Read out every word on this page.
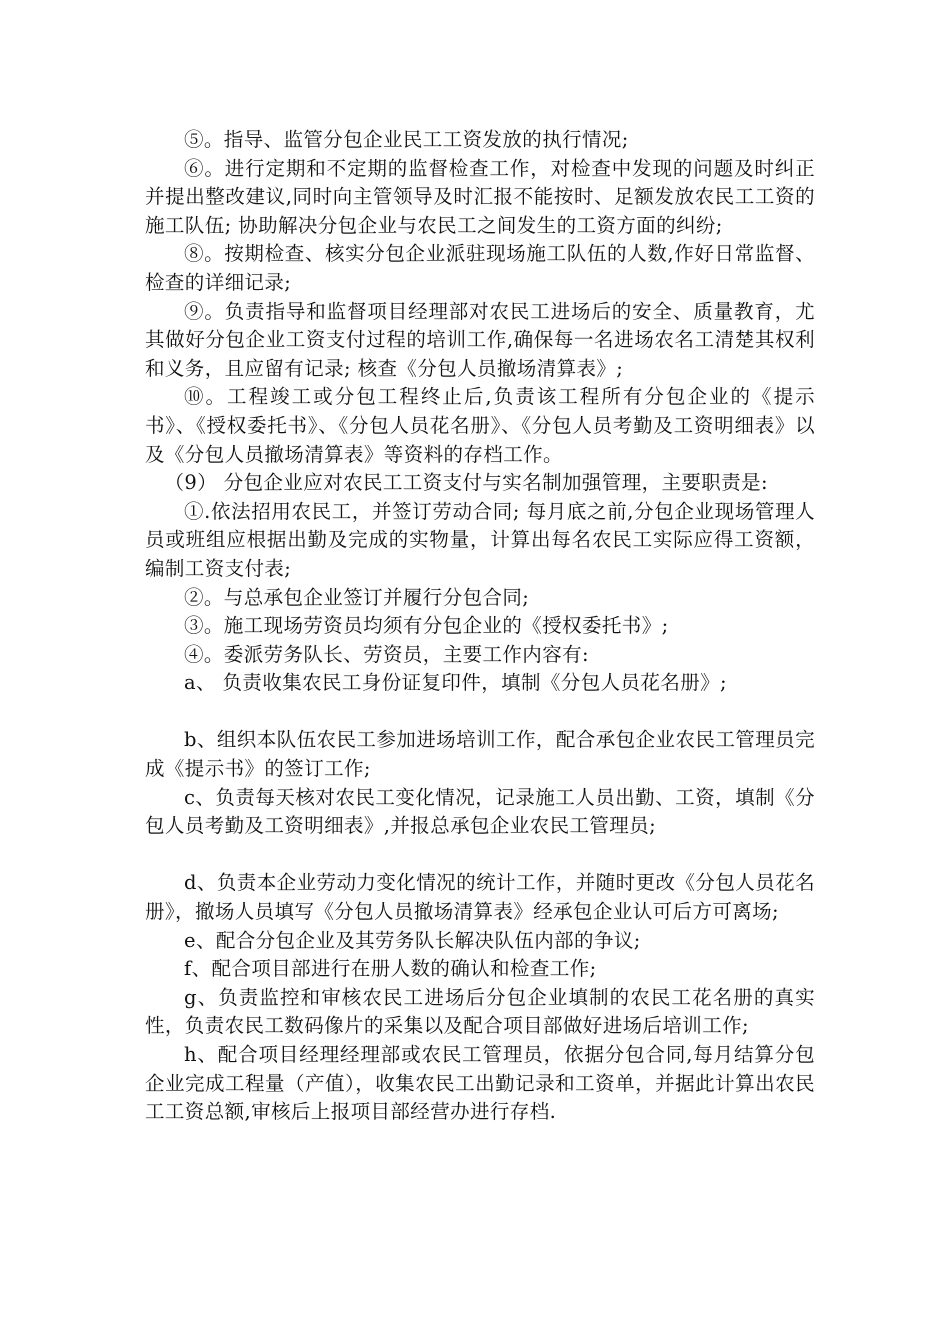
⑤。指导、监管分包企业民工工资发放的执行情况;

⑥。进行定期和不定期的监督检查工作，对检查中发现的问题及时纠正并提出整改建议,同时向主管领导及时汇报不能按时、足额发放农民工工资的施工队伍; 协助解决分包企业与农民工之间发生的工资方面的纠纷;

⑧。按期检查、核实分包企业派驻现场施工队伍的人数,作好日常监督、检查的详细记录;

⑨。负责指导和监督项目经理部对农民工进场后的安全、质量教育，尤其做好分包企业工资支付过程的培训工作,确保每一名进场农名工清楚其权利和义务，且应留有记录; 核查《分包人员撤场清算表》;

⑩。工程竣工或分包工程终止后,负责该工程所有分包企业的《提示书》、《授权委托书》、《分包人员花名册》、《分包人员考勤及工资明细表》以及《分包人员撤场清算表》等资料的存档工作。

（9） 分包企业应对农民工工资支付与实名制加强管理，主要职责是:

①.依法招用农民工，并签订劳动合同; 每月底之前,分包企业现场管理人员或班组应根据出勤及完成的实物量，计算出每名农民工实际应得工资额，编制工资支付表;

②。与总承包企业签订并履行分包合同;

③。施工现场劳资员均须有分包企业的《授权委托书》;

④。委派劳务队长、劳资员，主要工作内容有:

a、 负责收集农民工身份证复印件，填制《分包人员花名册》;

b、组织本队伍农民工参加进场培训工作，配合承包企业农民工管理员完成《提示书》的签订工作;

c、负责每天核对农民工变化情况，记录施工人员出勤、工资，填制《分包人员考勤及工资明细表》,并报总承包企业农民工管理员;

d、负责本企业劳动力变化情况的统计工作，并随时更改《分包人员花名册》，撤场人员填写《分包人员撤场清算表》经承包企业认可后方可离场;

e、配合分包企业及其劳务队长解决队伍内部的争议;

f、配合项目部进行在册人数的确认和检查工作;

g、负责监控和审核农民工进场后分包企业填制的农民工花名册的真实性，负责农民工数码像片的采集以及配合项目部做好进场后培训工作;

h、配合项目经理经理部或农民工管理员，依据分包合同,每月结算分包企业完成工程量（产值），收集农民工出勤记录和工资单，并据此计算出农民工工资总额,审核后上报项目部经营办进行存档.
